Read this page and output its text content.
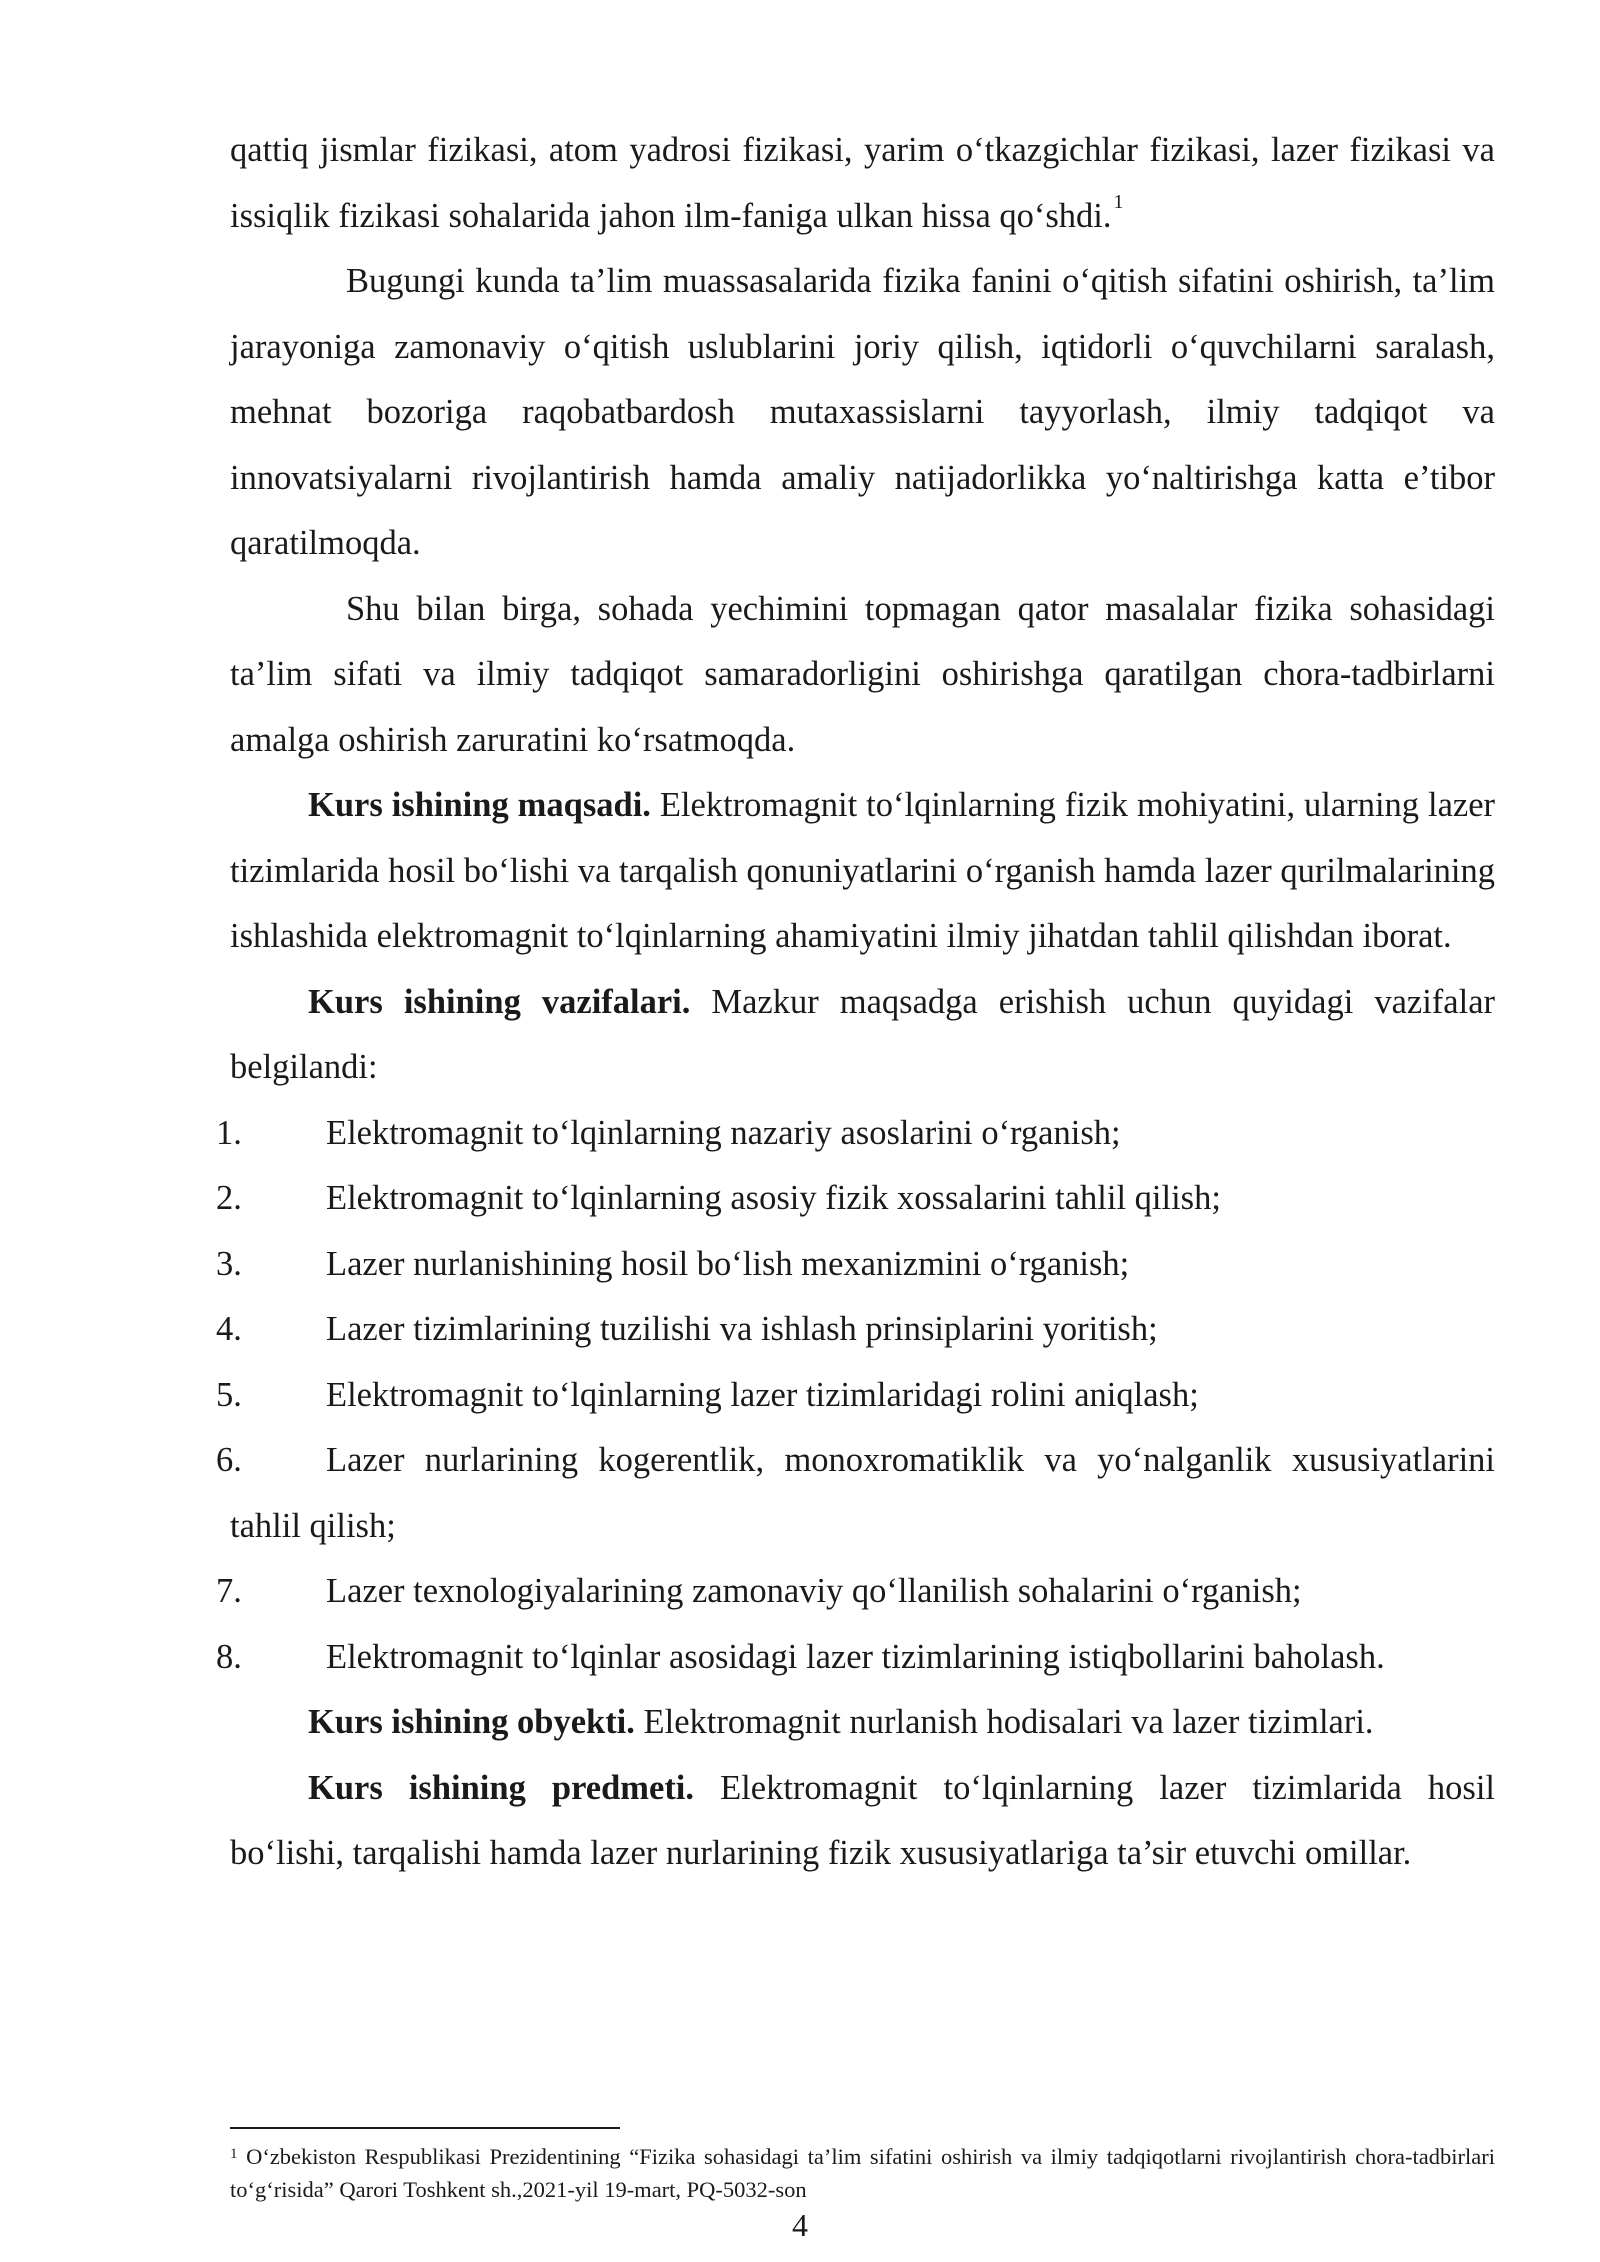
qattiq jismlar fizikasi, atom yadrosi fizikasi, yarim o‘tkazgichlar fizikasi, lazer fizikasi va issiqlik fizikasi sohalarida jahon ilm-faniga ulkan hissa qo‘shdi. $^1$

Bugungi kunda ta’lim muassasalarida fizika fanini o‘qitish sifatini oshirish, ta’lim jarayoniga zamonaviy o‘qitish uslublarini joriy qilish, iqtidorli o‘quvchilarni saralash, mehnat bozoriga raqobatbardosh mutaxassislarni tayyorlash, ilmiy tadqiqot va innovatsiyalarni rivojlantirish hamda amaliy natijadorlikka yo‘naltirishga katta e’tibor qaratilmoqda.

Shu bilan birga, sohada yechimini topmagan qator masalalar fizika sohasidagi ta’lim sifati va ilmiy tadqiqot samaradorligini oshirishga qaratilgan chora-tadbirlarni amalga oshirish zaruratini ko‘rsatmoqda.

Kurs ishining maqsadi. Elektromagnit to‘lqinlarning fizik mohiyatini, ularning lazer tizimlarida hosil bo‘lishi va tarqalish qonuniyatlarini o‘rganish hamda lazer qurilmalarining ishlashida elektromagnit to‘lqinlarning ahamiyatini ilmiy jihatdan tahlil qilishdan iborat.

Kurs ishining vazifalari. Mazkur maqsadga erishish uchun quyidagi vazifalar belgilandi:

1. Elektromagnit to‘lqinlarning nazariy asoslarini o‘rganish;
2. Elektromagnit to‘lqinlarning asosiy fizik xossalarini tahlil qilish;
3. Lazer nurlanishining hosil bo‘lish mexanizmini o‘rganish;
4. Lazer tizimlarining tuzilishi va ishlash prinsiplarini yoritish;
5. Elektromagnit to‘lqinlarning lazer tizimlaridagi rolini aniqlash;
6. Lazer nurlarining kogerentlik, monoxromatiklik va yo‘nalganlik xususiyatlarini tahlil qilish;
7. Lazer texnologiyalarining zamonaviy qo‘llanilish sohalarini o‘rganish;
8. Elektromagnit to‘lqinlar asosidagi lazer tizimlarining istiqbollarini baholash.

Kurs ishining obyekti. Elektromagnit nurlanish hodisalari va lazer tizimlari.

Kurs ishining predmeti. Elektromagnit to‘lqinlarning lazer tizimlarida hosil bo‘lishi, tarqalishi hamda lazer nurlarining fizik xususiyatlariga ta’sir etuvchi omillar.

$^1$ O‘zbekiston Respublikasi Prezidentining “Fizika sohasidagi ta’lim sifatini oshirish va ilmiy tadqiqotlarni rivojlantirish chora-tadbirlari to‘g‘risida” Qarori Toshkent sh.,2021-yil 19-mart, PQ-5032-son

4
